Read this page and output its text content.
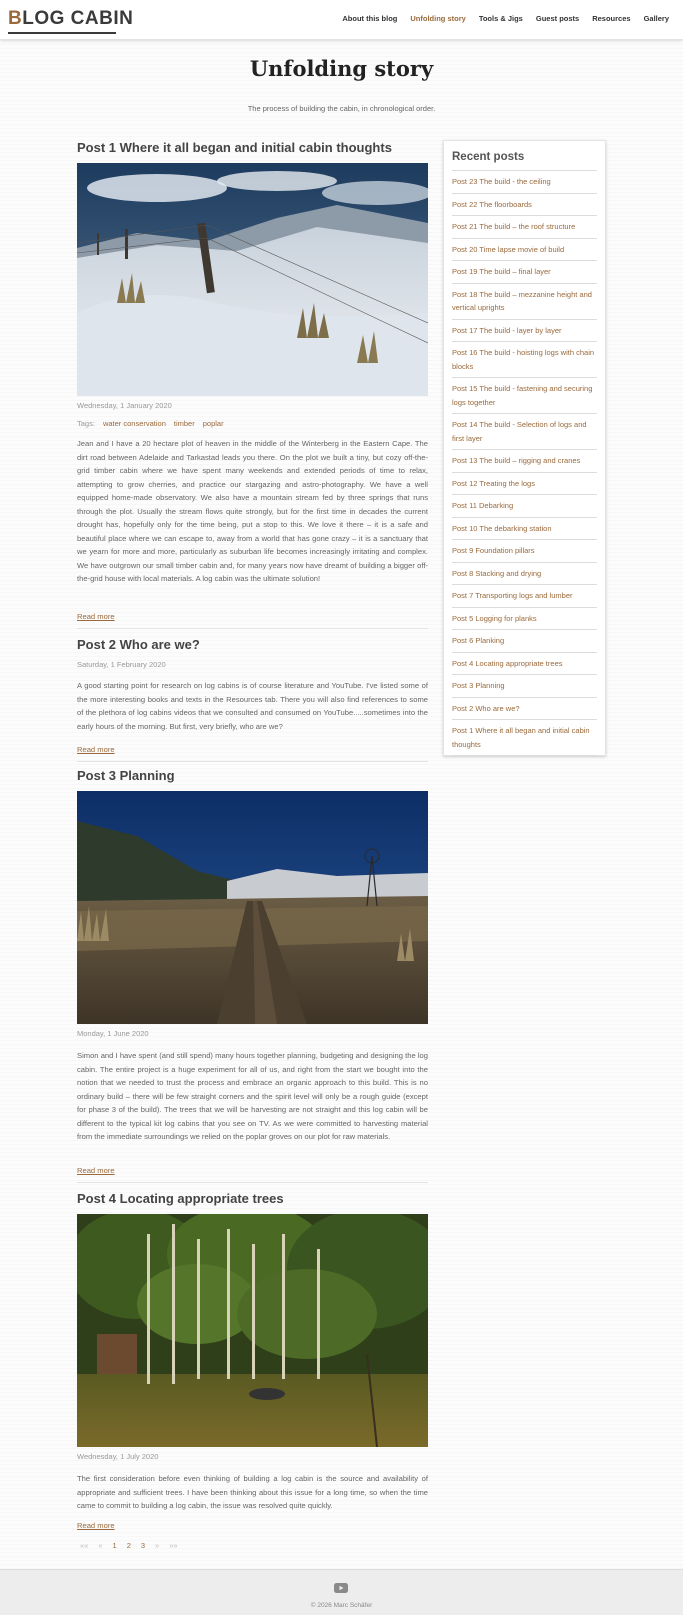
BLOG CABIN	About this blog Unfolding story Tools & Jigs Guest posts Resources Gallery
Unfolding story

The process of building the cabin, in chronological order.

Post 1 Where it all began and initial cabin thoughts
Wednesday, 1 January 2020
Tags: water conservation timber poplar

Jean and I have a 20 hectare plot of heaven in the middle of the Winterberg in the Eastern Cape. The dirt road between Adelaide and Tarkastad leads you there. On the plot we built a tiny, but cozy off-the-grid timber cabin where we have spent many weekends and extended periods of time to relax, attempting to grow cherries, and practice our stargazing and astro-photography. We have a well equipped home-made observatory. We also have a mountain stream fed by three springs that runs through the plot. Usually the stream flows quite strongly, but for the first time in decades the current drought has, hopefully only for the time being, put a stop to this. We love it there – it is a safe and beautiful place where we can escape to, away from a world that has gone crazy – it is a sanctuary that we yearn for more and more, particularly as suburban life becomes increasingly irritating and complex. We have outgrown our small timber cabin and, for many years now have dreamt of building a bigger off-the-grid house with local materials. A log cabin was the ultimate solution!

Read more
Post 2 Who are we?
Saturday, 1 February 2020

A good starting point for research on log cabins is of course literature and YouTube. I've listed some of the more interesting books and texts in the Resources tab. There you will also find references to some of the plethora of log cabins videos that we consulted and consumed on YouTube.....sometimes into the early hours of the morning. But first, very briefly, who are we?

Read more
Post 3 Planning
Monday, 1 June 2020

Simon and I have spent (and still spend) many hours together planning, budgeting and designing the log cabin. The entire project is a huge experiment for all of us, and right from the start we bought into the notion that we needed to trust the process and embrace an organic approach to this build. This is no ordinary build – there will be few straight corners and the spirit level will only be a rough guide (except for phase 3 of the build). The trees that we will be harvesting are not straight and this log cabin will be different to the typical kit log cabins that you see on TV. As we were committed to harvesting material from the immediate surroundings we relied on the poplar groves on our plot for raw materials.

Read more
Post 4 Locating appropriate trees
Wednesday, 1 July 2020

The first consideration before even thinking of building a log cabin is the source and availability of appropriate and sufficient trees. I have been thinking about this issue for a long time, so when the time came to commit to building a log cabin, the issue was resolved quite quickly.

Read more
«« « 1 2 3 » »»
Recent posts
Post 23 The build - the ceiling
Post 22 The floorboards
Post 21 The build – the roof structure
Post 20 Time lapse movie of build
Post 19 The build – final layer
Post 18 The build – mezzanine height and vertical uprights
Post 17 The build - layer by layer
Post 16 The build - hoisting logs with chain blocks
Post 15 The build - fastening and securing logs together
Post 14 The build - Selection of logs and first layer
Post 13 The build – rigging and cranes
Post 12 Treating the logs
Post 11 Debarking
Post 10 The debarking station
Post 9 Foundation pillars
Post 8 Stacking and drying
Post 7 Transporting logs and lumber
Post 5 Logging for planks
Post 6 Planking
Post 4 Locating appropriate trees
Post 3 Planning
Post 2 Who are we?
Post 1 Where it all began and initial cabin thoughts
© 2026 Marc Schäfer
